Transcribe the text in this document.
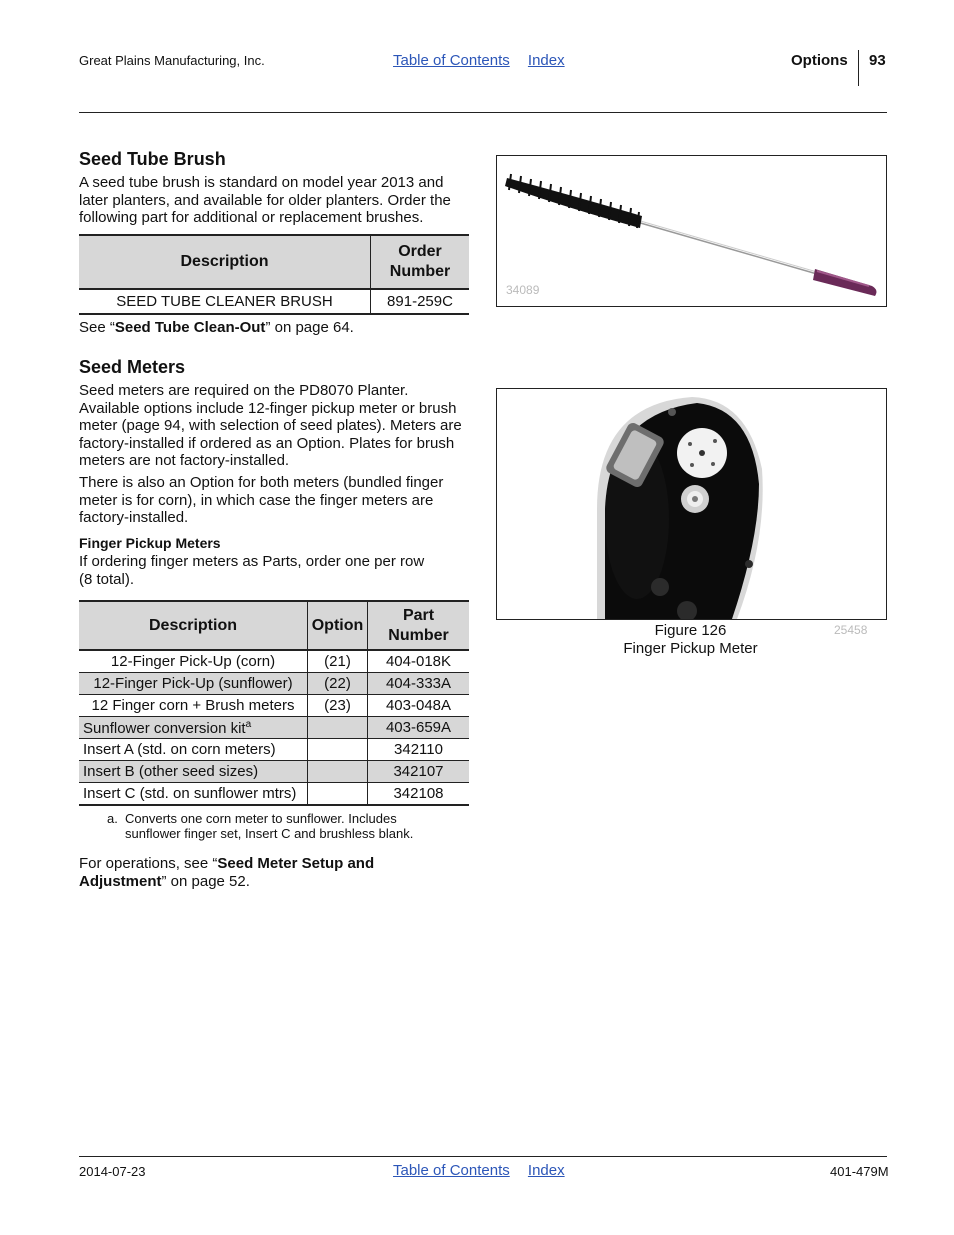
Great Plains Manufacturing, Inc.	Table of Contents Index	Options 93
Seed Tube Brush

A seed tube brush is standard on model year 2013 and later planters, and available for older planters. Order the following part for additional or replacement brushes.

Description	Order Number
SEED TUBE CLEANER BRUSH	891-259C

See “Seed Tube Clean-Out” on page 64.

34089
Seed Meters

Seed meters are required on the PD8070 Planter. Available options include 12-finger pickup meter or brush meter (page 94, with selection of seed plates). Meters are factory-installed if ordered as an Option. Plates for brush meters are not factory-installed.

There is also an Option for both meters (bundled finger meter is for corn), in which case the finger meters are factory-installed.

Finger Pickup Meters

If ordering finger meters as Parts, order one per row
(8 total).

Description	Option	Part Number
12-Finger Pick-Up (corn)	(21)	404-018K
12-Finger Pick-Up (sunflower)	(22)	404-333A
12 Finger corn + Brush meters	(23)	403-048A
Sunflower conversion kit$^a$		403-659A
Insert A (std. on corn meters)		342110
Insert B (other seed sizes)		342107
Insert C (std. on sunflower mtrs)		342108
a. Converts one corn meter to sunflower. Includes
sunflower finger set, Insert C and brushless blank.

For operations, see “Seed Meter Setup and
Adjustment” on page 52.

Figure 126
Finger Pickup Meter
25458
2014-07-23	Table of Contents Index	401-479M
